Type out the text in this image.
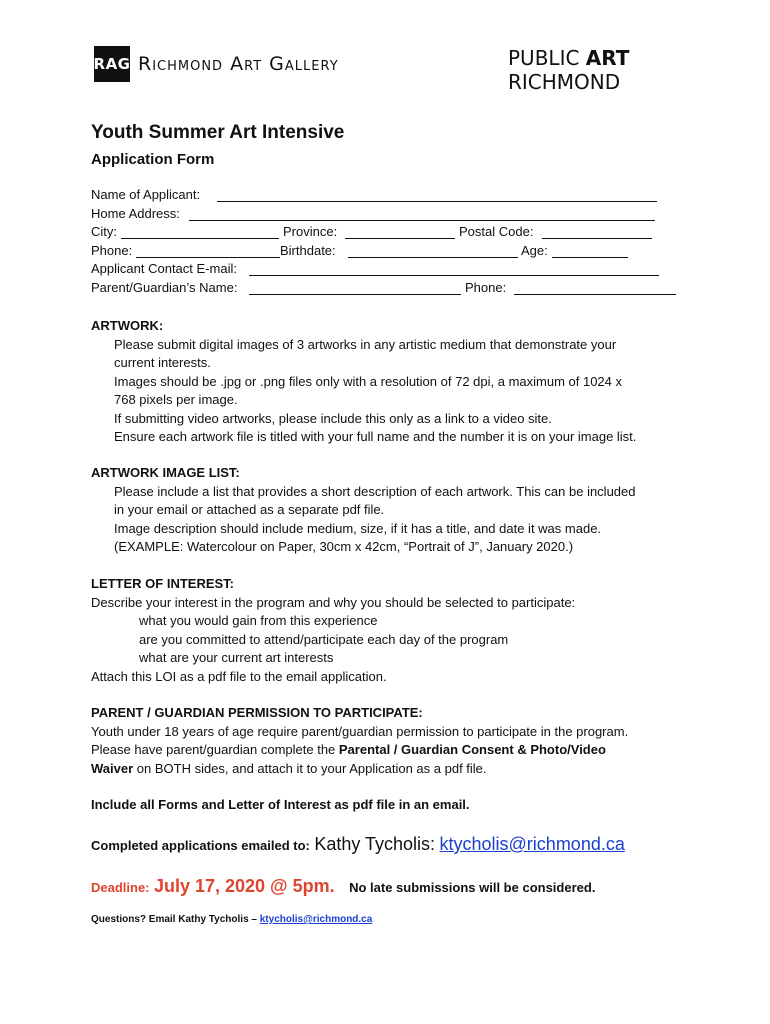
RAG Richmond Art Gallery	PUBLIC ART
RICHMOND
Youth Summer Art Intensive
Application Form
Name of Applicant:
Home Address:
City:	Province:	Postal Code:
Phone:	Birthdate:	Age:
Applicant Contact E-mail:
Parent/Guardian’s Name:	Phone:
ARTWORK:
Please submit digital images of 3 artworks in any artistic medium that demonstrate your
current interests.
Images should be .jpg or .png files only with a resolution of 72 dpi, a maximum of 1024 x
768 pixels per image.
If submitting video artworks, please include this only as a link to a video site.
Ensure each artwork file is titled with your full name and the number it is on your image list.
ARTWORK IMAGE LIST:
Please include a list that provides a short description of each artwork. This can be included
in your email or attached as a separate pdf file.
Image description should include medium, size, if it has a title, and date it was made.
(EXAMPLE: Watercolour on Paper, 30cm x 42cm, “Portrait of J”, January 2020.)
LETTER OF INTEREST:
Describe your interest in the program and why you should be selected to participate:
what you would gain from this experience
are you committed to attend/participate each day of the program
what are your current art interests
Attach this LOI as a pdf file to the email application.
PARENT / GUARDIAN PERMISSION TO PARTICIPATE:
Youth under 18 years of age require parent/guardian permission to participate in the program.
Please have parent/guardian complete the Parental / Guardian Consent & Photo/Video
Waiver on BOTH sides, and attach it to your Application as a pdf file.
Include all Forms and Letter of Interest as pdf file in an email.
Completed applications emailed to: Kathy Tycholis: ktycholis@richmond.ca
Deadline: July 17, 2020 @ 5pm. No late submissions will be considered.
Questions? Email Kathy Tycholis – ktycholis@richmond.ca
